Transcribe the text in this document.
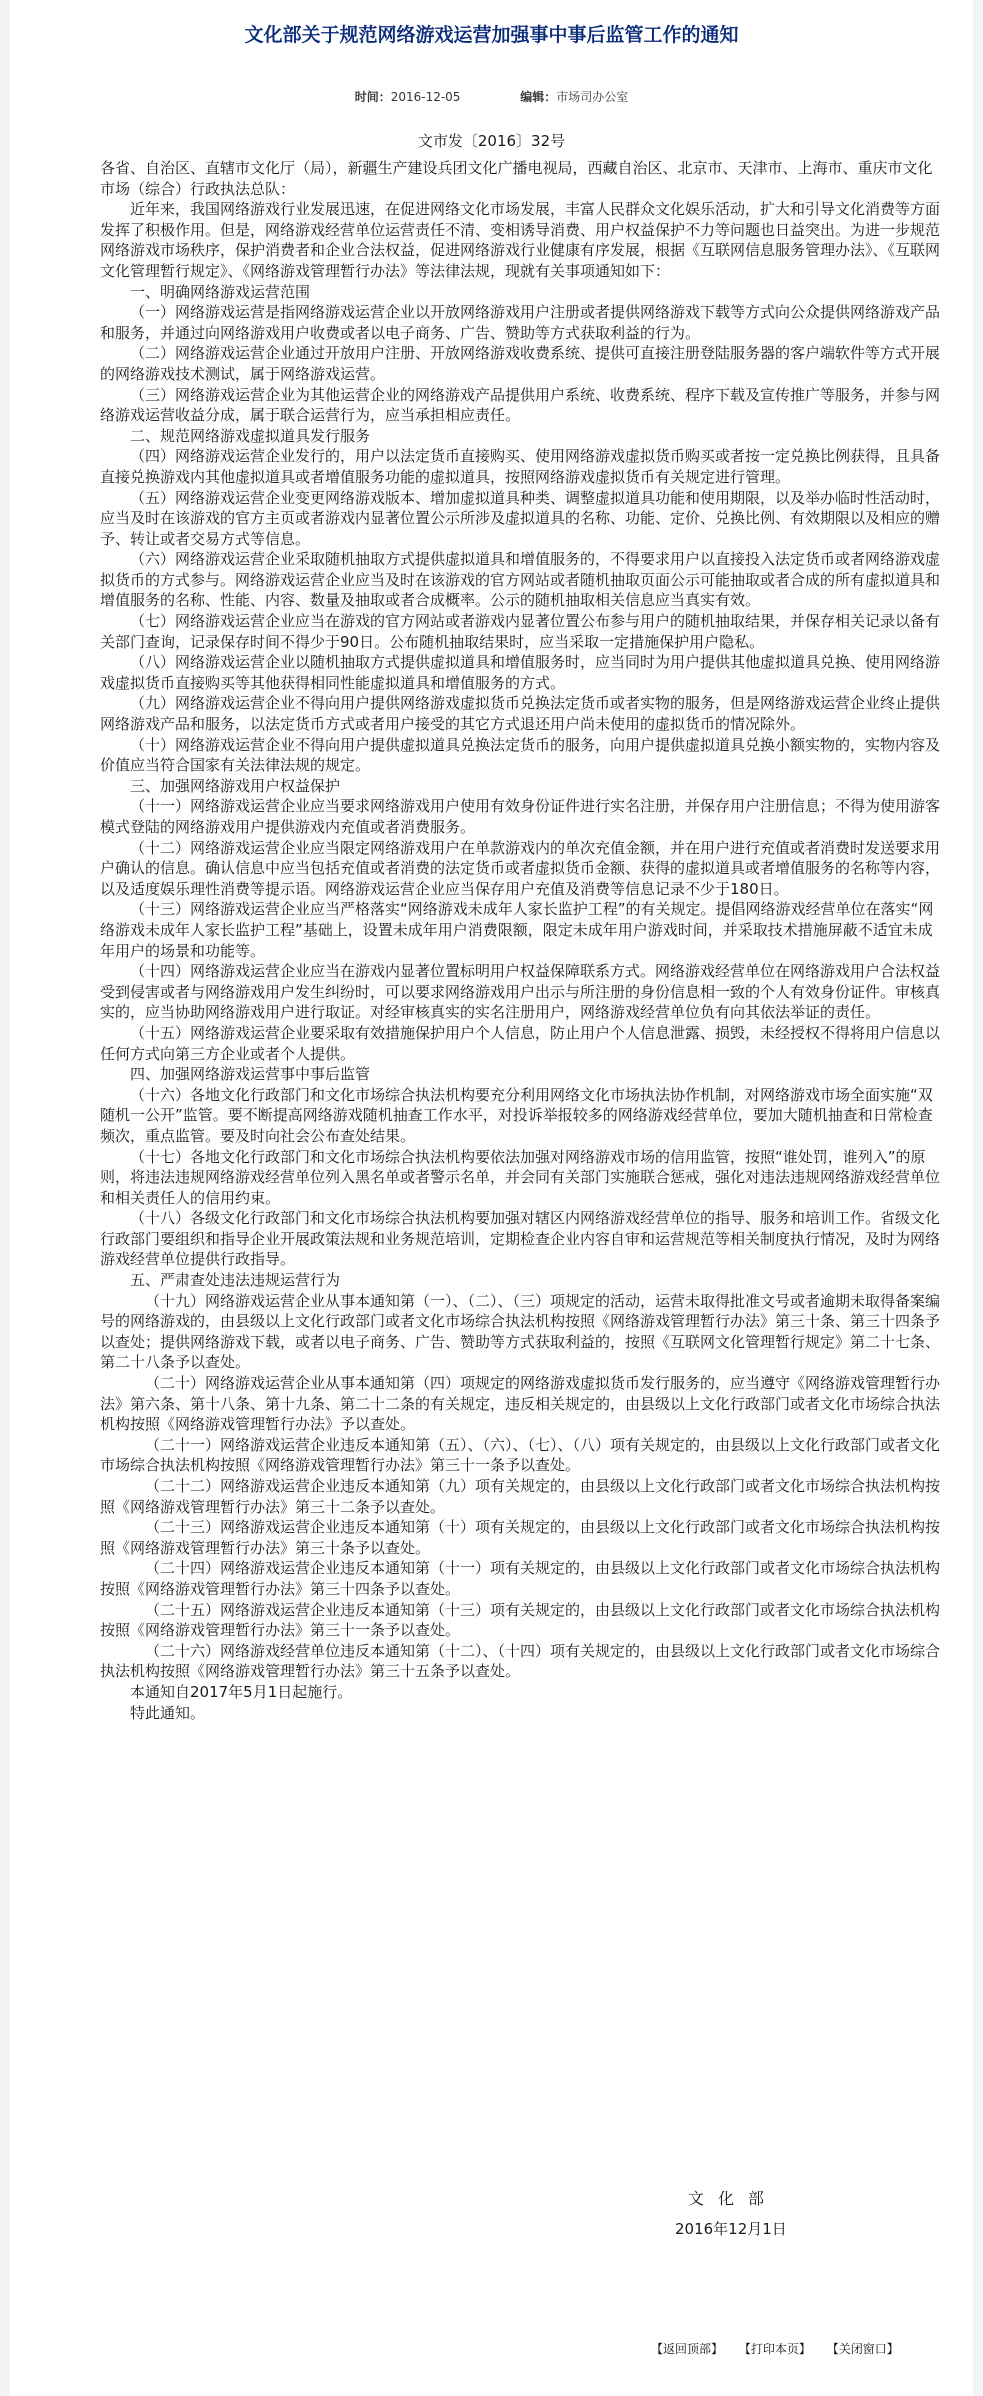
文化部关于规范网络游戏运营加强事中事后监管工作的通知
时间：2016-12-05	编辑：市场司办公室
文市发〔2016〕32号

各省、自治区、直辖市文化厅（局），新疆生产建设兵团文化广播电视局，西藏自治区、北京市、天津市、上海市、重庆市文化市场（综合）行政执法总队：

近年来，我国网络游戏行业发展迅速，在促进网络文化市场发展，丰富人民群众文化娱乐活动，扩大和引导文化消费等方面发挥了积极作用。但是，网络游戏经营单位运营责任不清、变相诱导消费、用户权益保护不力等问题也日益突出。为进一步规范网络游戏市场秩序，保护消费者和企业合法权益，促进网络游戏行业健康有序发展，根据《互联网信息服务管理办法》、《互联网文化管理暂行规定》、《网络游戏管理暂行办法》等法律法规，现就有关事项通知如下：

一、明确网络游戏运营范围

（一）网络游戏运营是指网络游戏运营企业以开放网络游戏用户注册或者提供网络游戏下载等方式向公众提供网络游戏产品和服务，并通过向网络游戏用户收费或者以电子商务、广告、赞助等方式获取利益的行为。

（二）网络游戏运营企业通过开放用户注册、开放网络游戏收费系统、提供可直接注册登陆服务器的客户端软件等方式开展的网络游戏技术测试，属于网络游戏运营。

（三）网络游戏运营企业为其他运营企业的网络游戏产品提供用户系统、收费系统、程序下载及宣传推广等服务，并参与网络游戏运营收益分成，属于联合运营行为，应当承担相应责任。

二、规范网络游戏虚拟道具发行服务

（四）网络游戏运营企业发行的，用户以法定货币直接购买、使用网络游戏虚拟货币购买或者按一定兑换比例获得，且具备直接兑换游戏内其他虚拟道具或者增值服务功能的虚拟道具，按照网络游戏虚拟货币有关规定进行管理。

（五）网络游戏运营企业变更网络游戏版本、增加虚拟道具种类、调整虚拟道具功能和使用期限，以及举办临时性活动时，应当及时在该游戏的官方主页或者游戏内显著位置公示所涉及虚拟道具的名称、功能、定价、兑换比例、有效期限以及相应的赠予、转让或者交易方式等信息。

（六）网络游戏运营企业采取随机抽取方式提供虚拟道具和增值服务的，不得要求用户以直接投入法定货币或者网络游戏虚拟货币的方式参与。网络游戏运营企业应当及时在该游戏的官方网站或者随机抽取页面公示可能抽取或者合成的所有虚拟道具和增值服务的名称、性能、内容、数量及抽取或者合成概率。公示的随机抽取相关信息应当真实有效。

（七）网络游戏运营企业应当在游戏的官方网站或者游戏内显著位置公布参与用户的随机抽取结果，并保存相关记录以备有关部门查询，记录保存时间不得少于90日。公布随机抽取结果时，应当采取一定措施保护用户隐私。

（八）网络游戏运营企业以随机抽取方式提供虚拟道具和增值服务时，应当同时为用户提供其他虚拟道具兑换、使用网络游戏虚拟货币直接购买等其他获得相同性能虚拟道具和增值服务的方式。

（九）网络游戏运营企业不得向用户提供网络游戏虚拟货币兑换法定货币或者实物的服务，但是网络游戏运营企业终止提供网络游戏产品和服务，以法定货币方式或者用户接受的其它方式退还用户尚未使用的虚拟货币的情况除外。

（十）网络游戏运营企业不得向用户提供虚拟道具兑换法定货币的服务，向用户提供虚拟道具兑换小额实物的，实物内容及价值应当符合国家有关法律法规的规定。

三、加强网络游戏用户权益保护

（十一）网络游戏运营企业应当要求网络游戏用户使用有效身份证件进行实名注册，并保存用户注册信息；不得为使用游客模式登陆的网络游戏用户提供游戏内充值或者消费服务。

（十二）网络游戏运营企业应当限定网络游戏用户在单款游戏内的单次充值金额，并在用户进行充值或者消费时发送要求用户确认的信息。确认信息中应当包括充值或者消费的法定货币或者虚拟货币金额、获得的虚拟道具或者增值服务的名称等内容，以及适度娱乐理性消费等提示语。网络游戏运营企业应当保存用户充值及消费等信息记录不少于180日。

（十三）网络游戏运营企业应当严格落实“网络游戏未成年人家长监护工程”的有关规定。提倡网络游戏经营单位在落实“网络游戏未成年人家长监护工程”基础上，设置未成年用户消费限额，限定未成年用户游戏时间，并采取技术措施屏蔽不适宜未成年用户的场景和功能等。

（十四）网络游戏运营企业应当在游戏内显著位置标明用户权益保障联系方式。网络游戏经营单位在网络游戏用户合法权益受到侵害或者与网络游戏用户发生纠纷时，可以要求网络游戏用户出示与所注册的身份信息相一致的个人有效身份证件。审核真实的，应当协助网络游戏用户进行取证。对经审核真实的实名注册用户，网络游戏经营单位负有向其依法举证的责任。

（十五）网络游戏运营企业要采取有效措施保护用户个人信息，防止用户个人信息泄露、损毁，未经授权不得将用户信息以任何方式向第三方企业或者个人提供。

四、加强网络游戏运营事中事后监管

（十六）各地文化行政部门和文化市场综合执法机构要充分利用网络文化市场执法协作机制，对网络游戏市场全面实施“双随机一公开”监管。要不断提高网络游戏随机抽查工作水平，对投诉举报较多的网络游戏经营单位，要加大随机抽查和日常检查频次，重点监管。要及时向社会公布查处结果。

（十七）各地文化行政部门和文化市场综合执法机构要依法加强对网络游戏市场的信用监管，按照“谁处罚，谁列入”的原则，将违法违规网络游戏经营单位列入黑名单或者警示名单，并会同有关部门实施联合惩戒，强化对违法违规网络游戏经营单位和相关责任人的信用约束。

（十八）各级文化行政部门和文化市场综合执法机构要加强对辖区内网络游戏经营单位的指导、服务和培训工作。省级文化行政部门要组织和指导企业开展政策法规和业务规范培训，定期检查企业内容自审和运营规范等相关制度执行情况，及时为网络游戏经营单位提供行政指导。

五、严肃查处违法违规运营行为

（十九）网络游戏运营企业从事本通知第（一）、（二）、（三）项规定的活动，运营未取得批准文号或者逾期未取得备案编号的网络游戏的，由县级以上文化行政部门或者文化市场综合执法机构按照《网络游戏管理暂行办法》第三十条、第三十四条予以查处；提供网络游戏下载，或者以电子商务、广告、赞助等方式获取利益的，按照《互联网文化管理暂行规定》第二十七条、第二十八条予以查处。

（二十）网络游戏运营企业从事本通知第（四）项规定的网络游戏虚拟货币发行服务的，应当遵守《网络游戏管理暂行办法》第六条、第十八条、第十九条、第二十二条的有关规定，违反相关规定的，由县级以上文化行政部门或者文化市场综合执法机构按照《网络游戏管理暂行办法》予以查处。

（二十一）网络游戏运营企业违反本通知第（五）、（六）、（七）、（八）项有关规定的，由县级以上文化行政部门或者文化市场综合执法机构按照《网络游戏管理暂行办法》第三十一条予以查处。

（二十二）网络游戏运营企业违反本通知第（九）项有关规定的，由县级以上文化行政部门或者文化市场综合执法机构按照《网络游戏管理暂行办法》第三十二条予以查处。

（二十三）网络游戏运营企业违反本通知第（十）项有关规定的，由县级以上文化行政部门或者文化市场综合执法机构按照《网络游戏管理暂行办法》第三十条予以查处。

（二十四）网络游戏运营企业违反本通知第（十一）项有关规定的，由县级以上文化行政部门或者文化市场综合执法机构按照《网络游戏管理暂行办法》第三十四条予以查处。

（二十五）网络游戏运营企业违反本通知第（十三）项有关规定的，由县级以上文化行政部门或者文化市场综合执法机构按照《网络游戏管理暂行办法》第三十一条予以查处。

（二十六）网络游戏经营单位违反本通知第（十二）、（十四）项有关规定的，由县级以上文化行政部门或者文化市场综合执法机构按照《网络游戏管理暂行办法》第三十五条予以查处。

本通知自2017年5月1日起施行。

特此通知。

文化部
2016年12月1日
【返回顶部】 【打印本页】 【关闭窗口】
